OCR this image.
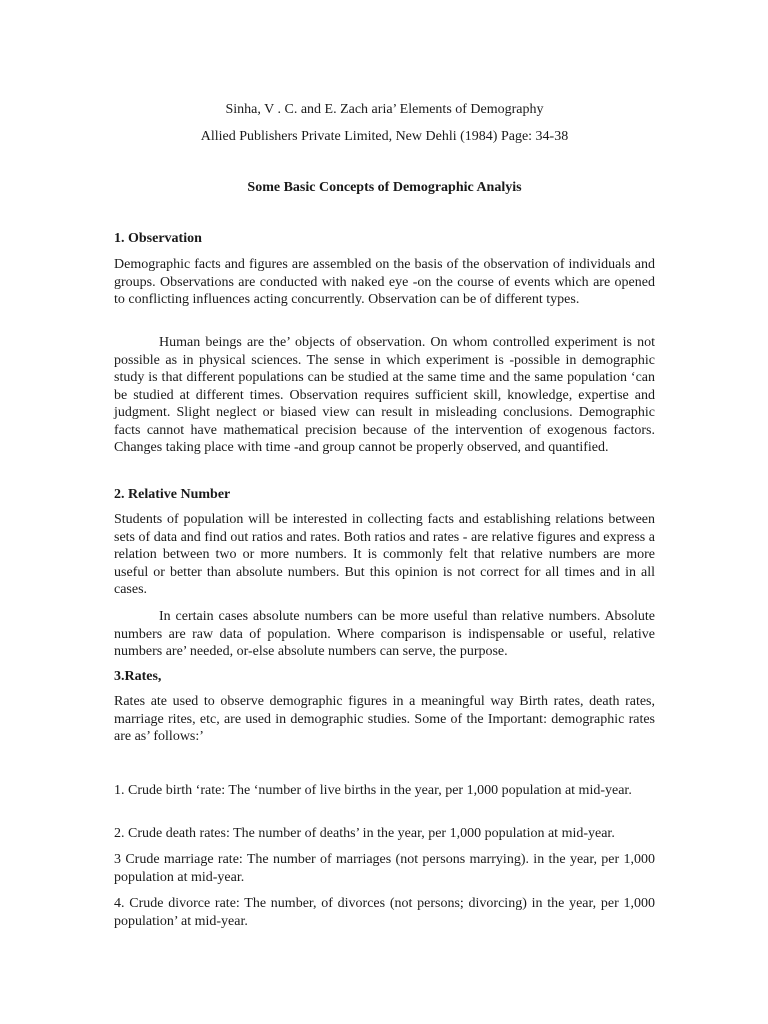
Sinha, V . C. and E. Zach aria’ Elements of Demography

Allied Publishers Private Limited, New Dehli (1984) Page: 34-38

Some Basic Concepts of Demographic Analyis
1. Observation

Demographic facts and figures are assembled on the basis of the observation of individuals and groups. Observations are conducted with naked eye -on the course of events which are opened to conflicting influences acting concurrently. Observation can be of different types.

Human beings are the’ objects of observation. On whom controlled experiment is not possible as in physical sciences. The sense in which experiment is -possible in demographic study is that different populations can be studied at the same time and the same population ‘can be studied at different times. Observation requires sufficient skill, knowledge, expertise and judgment. Slight neglect or biased view can result in misleading conclusions. Demographic facts cannot have mathematical precision because of the intervention of exogenous factors. Changes taking place with time -and group cannot be properly observed, and quantified.

2. Relative Number

Students of population will be interested in collecting facts and establishing relations between sets of data and find out ratios and rates. Both ratios and rates - are relative figures and express a relation between two or more numbers. It is commonly felt that relative numbers are more useful or better than absolute numbers. But this opinion is not correct for all times and in all cases.

In certain cases absolute numbers can be more useful than relative numbers. Absolute numbers are raw data of population. Where comparison is indispensable or useful, relative numbers are’ needed, or-else absolute numbers can serve, the purpose.

3.Rates,

Rates ate used to observe demographic figures in a meaningful way Birth rates, death rates, marriage rites, etc, are used in demographic studies. Some of the Important: demographic rates are as’ follows:’

1. Crude birth ‘rate: The ‘number of live births in the year, per 1,000 population at mid-year.

2. Crude death rates: The number of deaths’ in the year, per 1,000 population at mid-year.

3 Crude marriage rate: The number of marriages (not persons marrying). in the year, per 1,000 population at mid-year.

4. Crude divorce rate: The number, of divorces (not persons; divorcing) in the year, per 1,000 population’ at mid-year.
